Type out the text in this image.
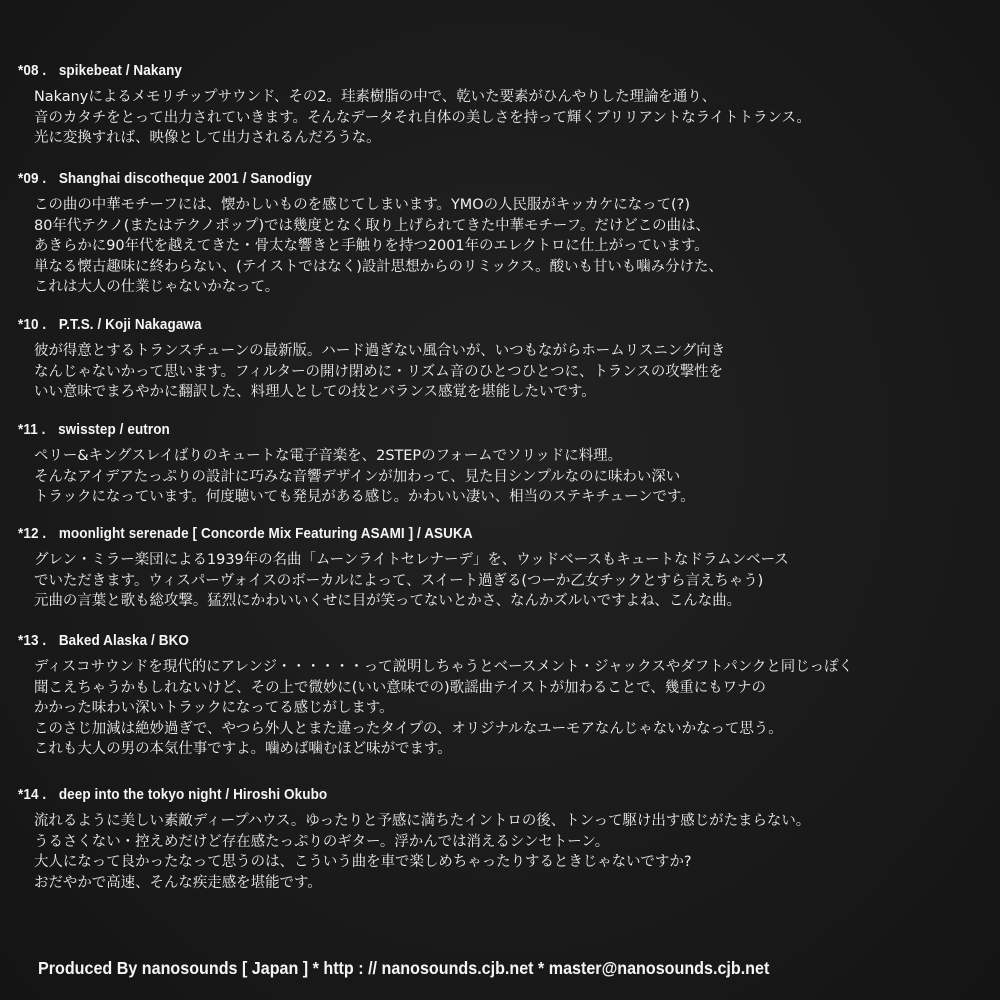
*08 . spikebeat / Nakany
Nakanyによるメモリチップサウンド、その2。珪素樹脂の中で、乾いた要素がひんやりした理論を通り、
音のカタチをとって出力されていきます。そんなデータそれ自体の美しさを持って輝くブリリアントなライトトランス。
光に変換すれば、映像として出力されるんだろうな。
*09 . Shanghai discotheque 2001 / Sanodigy
この曲の中華モチーフには、懐かしいものを感じてしまいます。YMOの人民服がキッカケになって(?)
80年代テクノ(またはテクノポップ)では幾度となく取り上げられてきた中華モチーフ。だけどこの曲は、
あきらかに90年代を越えてきた・骨太な響きと手触りを持つ2001年のエレクトロに仕上がっています。
単なる懐古趣味に終わらない、(テイストではなく)設計思想からのリミックス。酸いも甘いも噛み分けた、
これは大人の仕業じゃないかなって。
*10 . P.T.S. / Koji Nakagawa
彼が得意とするトランスチューンの最新版。ハード過ぎない風合いが、いつもながらホームリスニング向き
なんじゃないかって思います。フィルターの開け閉めに・リズム音のひとつひとつに、トランスの攻撃性を
いい意味でまろやかに翻訳した、料理人としての技とバランス感覚を堪能したいです。
*11 . swisstep / eutron
ペリー&キングスレイばりのキュートな電子音楽を、2STEPのフォームでソリッドに料理。
そんなアイデアたっぷりの設計に巧みな音響デザインが加わって、見た目シンプルなのに味わい深い
トラックになっています。何度聴いても発見がある感じ。かわいい凄い、相当のステキチューンです。
*12 . moonlight serenade [ Concorde Mix Featuring ASAMI ] / ASUKA
グレン・ミラー楽団による1939年の名曲「ムーンライトセレナーデ」を、ウッドベースもキュートなドラムンベース
でいただきます。ウィスパーヴォイスのボーカルによって、スイート過ぎる(つーか乙女チックとすら言えちゃう)
元曲の言葉と歌も総攻撃。猛烈にかわいいくせに目が笑ってないとかさ、なんかズルいですよね、こんな曲。
*13 . Baked Alaska / BKO
ディスコサウンドを現代的にアレンジ・・・・・・って説明しちゃうとベースメント・ジャックスやダフトパンクと同じっぽく
聞こえちゃうかもしれないけど、その上で微妙に(いい意味での)歌謡曲テイストが加わることで、幾重にもワナの
かかった味わい深いトラックになってる感じがします。
このさじ加減は絶妙過ぎで、やつら外人とまた違ったタイプの、オリジナルなユーモアなんじゃないかなって思う。
これも大人の男の本気仕事ですよ。噛めば噛むほど味がでます。
*14 . deep into the tokyo night / Hiroshi Okubo
流れるように美しい素敵ディープハウス。ゆったりと予感に満ちたイントロの後、トンって駆け出す感じがたまらない。
うるさくない・控えめだけど存在感たっぷりのギター。浮かんでは消えるシンセトーン。
大人になって良かったなって思うのは、こういう曲を車で楽しめちゃったりするときじゃないですか?
おだやかで高速、そんな疾走感を堪能です。
Produced By nanosounds [ Japan ] * http : // nanosounds.cjb.net * master@nanosounds.cjb.net
